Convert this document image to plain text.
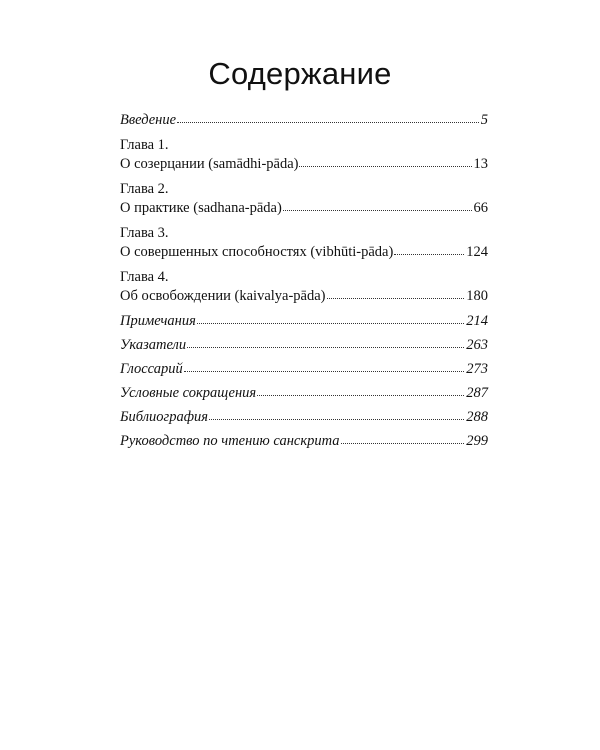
Содержание
Введение	5
Глава 1.
О созерцании (samādhi-pāda)	13
Глава 2.
О практике (sadhana-pāda)	66
Глава 3.
О совершенных способностях (vibhūti-pāda)	124
Глава 4.
Об освобождении (kaivalya-pāda)	180
Примечания	214
Указатели	263
Глоссарий	273
Условные сокращения	287
Библиография	288
Руководство по чтению санскрита	299
